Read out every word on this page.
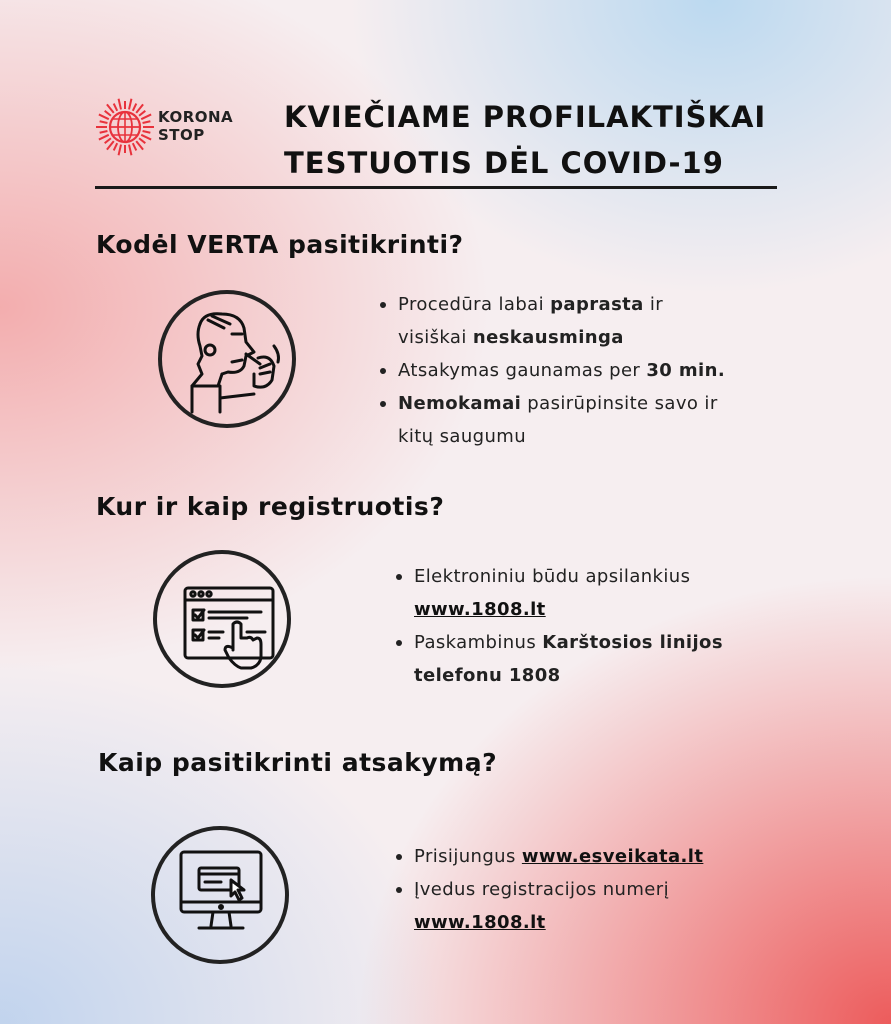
KORONA
STOP
KVIEČIAME PROFILAKTIŠKAI
TESTUOTIS DĖL COVID-19
Kodėl VERTA pasitikrinti?
Procedūra labai paprasta ir
visiškai neskausminga
Atsakymas gaunamas per 30 min.
Nemokamai pasirūpinsite savo ir
kitų saugumu
Kur ir kaip registruotis?
Elektroniniu būdu apsilankius
www.1808.lt
Paskambinus Karštosios linijos
telefonu 1808
Kaip pasitikrinti atsakymą?
Prisijungus www.esveikata.lt
Įvedus registracijos numerį
www.1808.lt
